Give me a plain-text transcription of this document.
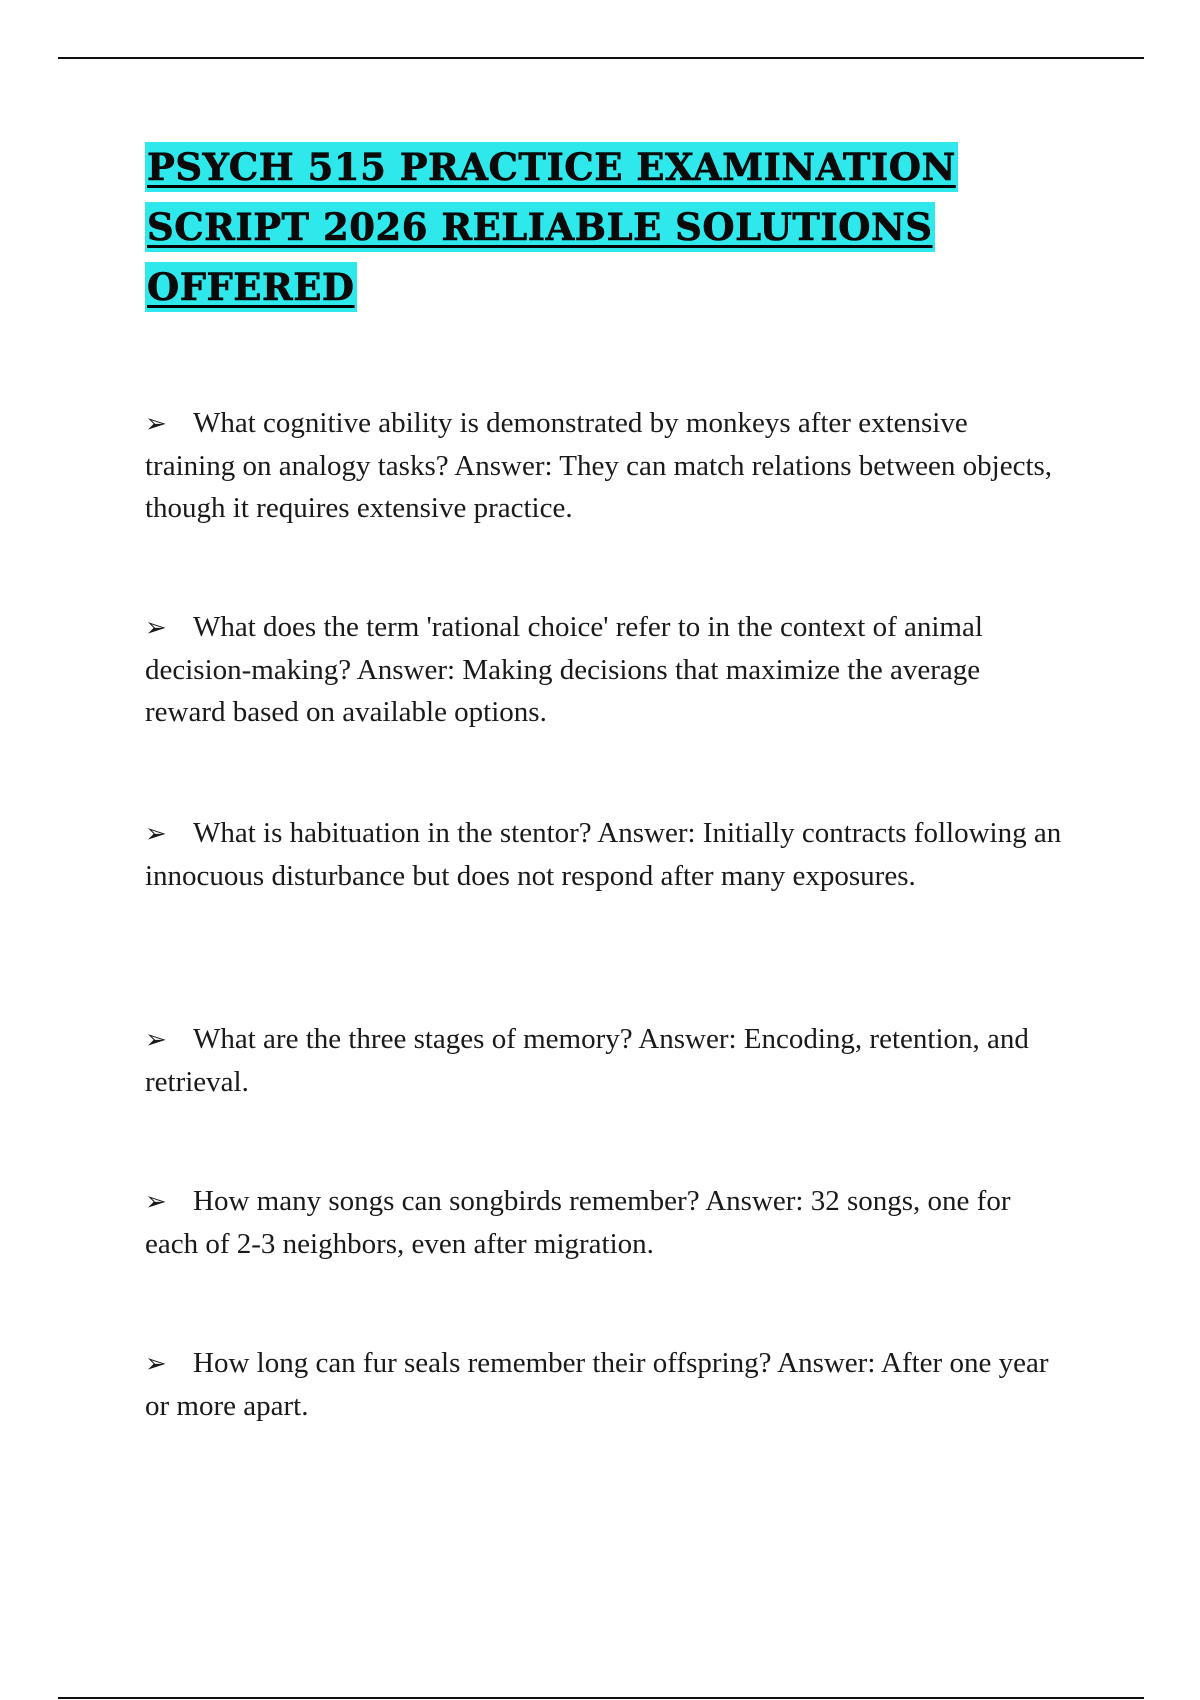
PSYCH 515 PRACTICE EXAMINATION
SCRIPT 2026 RELIABLE SOLUTIONS
OFFERED

➢ What cognitive ability is demonstrated by monkeys after extensive training on analogy tasks? Answer: They can match relations between objects, though it requires extensive practice.

➢ What does the term 'rational choice' refer to in the context of animal decision-making? Answer: Making decisions that maximize the average reward based on available options.

➢ What is habituation in the stentor? Answer: Initially contracts following an innocuous disturbance but does not respond after many exposures.

➢ What are the three stages of memory? Answer: Encoding, retention, and retrieval.

➢ How many songs can songbirds remember? Answer: 32 songs, one for each of 2-3 neighbors, even after migration.

➢ How long can fur seals remember their offspring? Answer: After one year or more apart.
